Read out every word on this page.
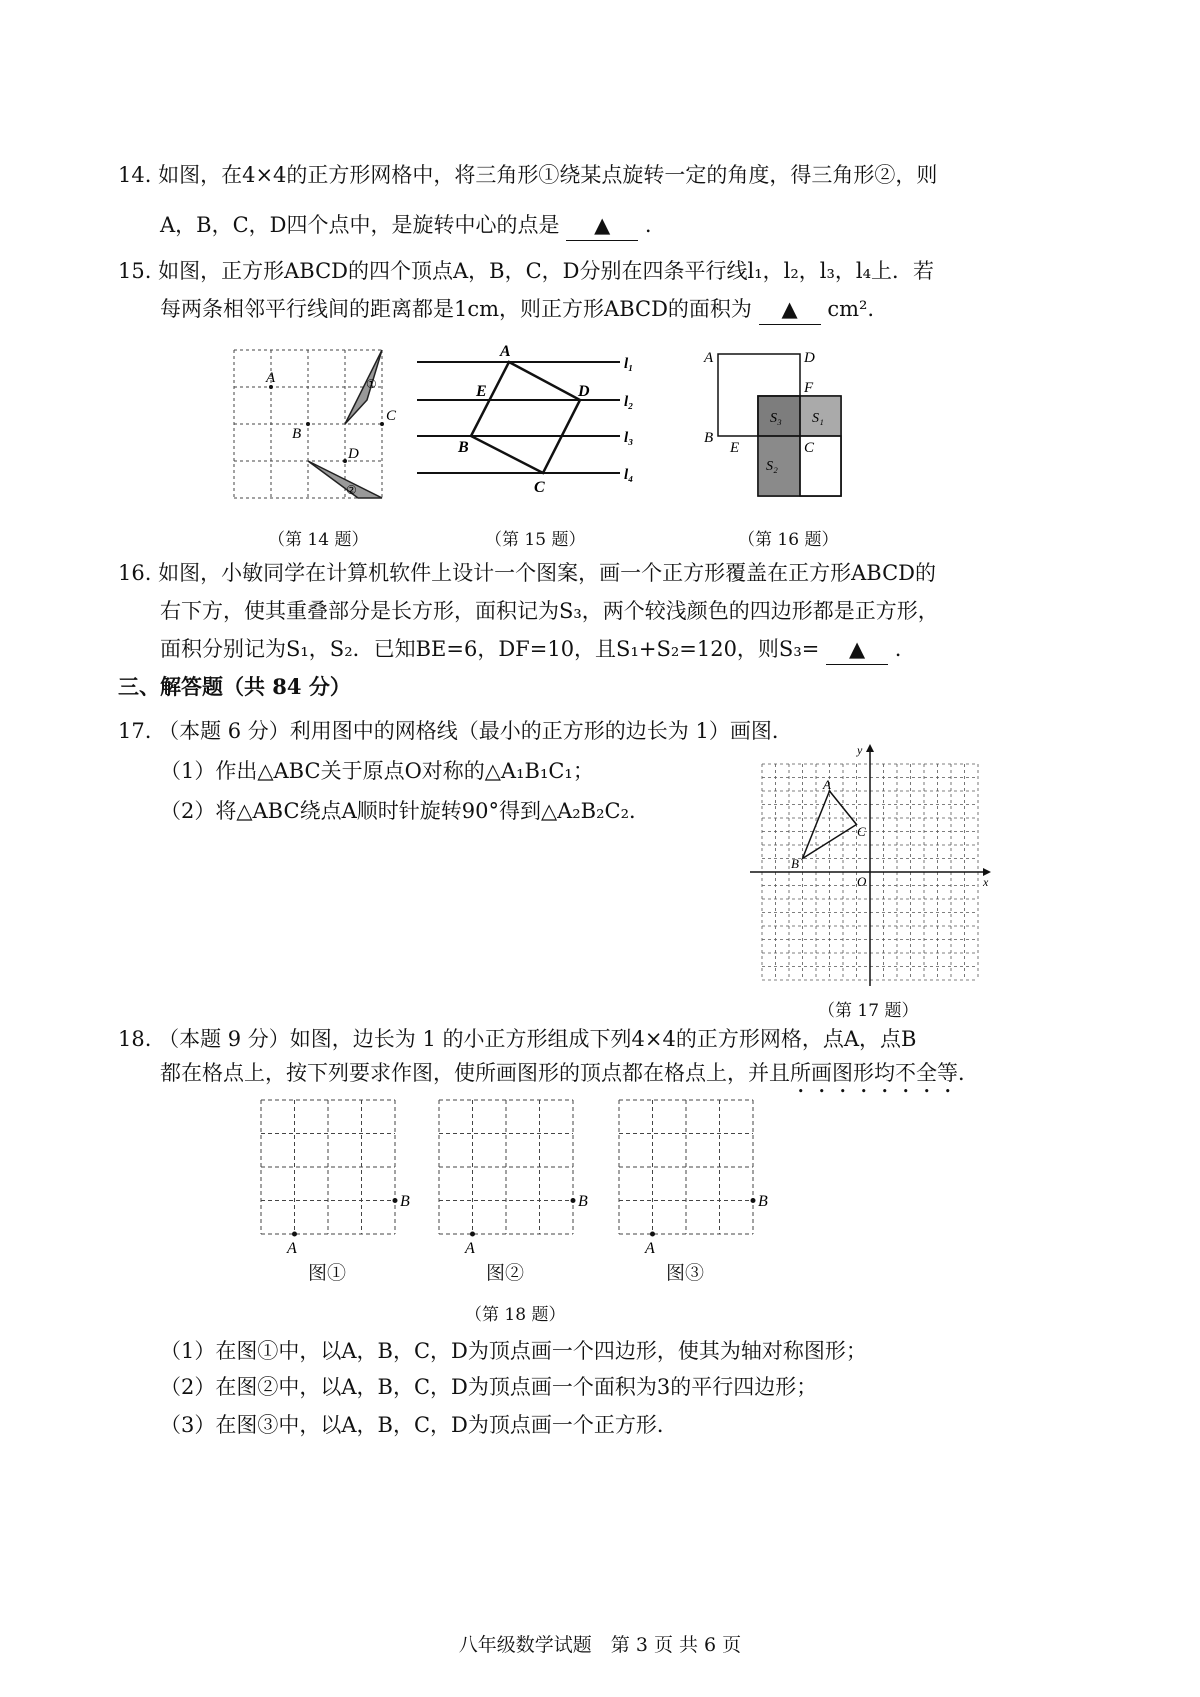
14. 如图，在4×4的正方形网格中，将三角形①绕某点旋转一定的角度，得三角形②，则
A，B，C，D四个点中，是旋转中心的点是 ▲ .
15. 如图，正方形ABCD的四个顶点A，B，C，D分别在四条平行线l₁，l₂，l₃，l₄上．若
每两条相邻平行线间的距离都是1cm，则正方形ABCD的面积为 ▲ cm².
A
B
C
D
①
②
（第 14 题）
A
B
C
D
E
l₁
l₂
l₃
l₄
（第 15 题）
A	D
F
B
E	C
S₃ S₁
S₂
（第 16 题）
16. 如图，小敏同学在计算机软件上设计一个图案，画一个正方形覆盖在正方形ABCD的
右下方，使其重叠部分是长方形，面积记为S₃，两个较浅颜色的四边形都是正方形，
面积分别记为S₁，S₂．已知BE=6，DF=10，且S₁+S₂=120，则S₃= ▲ .
三、解答题（共 84 分）
17. （本题 6 分）利用图中的网格线（最小的正方形的边长为 1）画图．
（1）作出△ABC关于原点O对称的△A₁B₁C₁；
（2）将△ABC绕点A顺时针旋转90°得到△A₂B₂C₂．
A
B
C
O	x
y
（第 17 题）
18. （本题 9 分）如图，边长为 1 的小正方形组成下列4×4的正方形网格，点A，点B
都在格点上，按下列要求作图，使所画图形的顶点都在格点上，并且所画图形均不全等．
A
B
A
B
A
B
图①	图②	图③
（第 18 题）
（1）在图①中，以A，B，C，D为顶点画一个四边形，使其为轴对称图形；
（2）在图②中，以A，B，C，D为顶点画一个面积为3的平行四边形；
（3）在图③中，以A，B，C，D为顶点画一个正方形．
八年级数学试题　第 3 页 共 6 页
